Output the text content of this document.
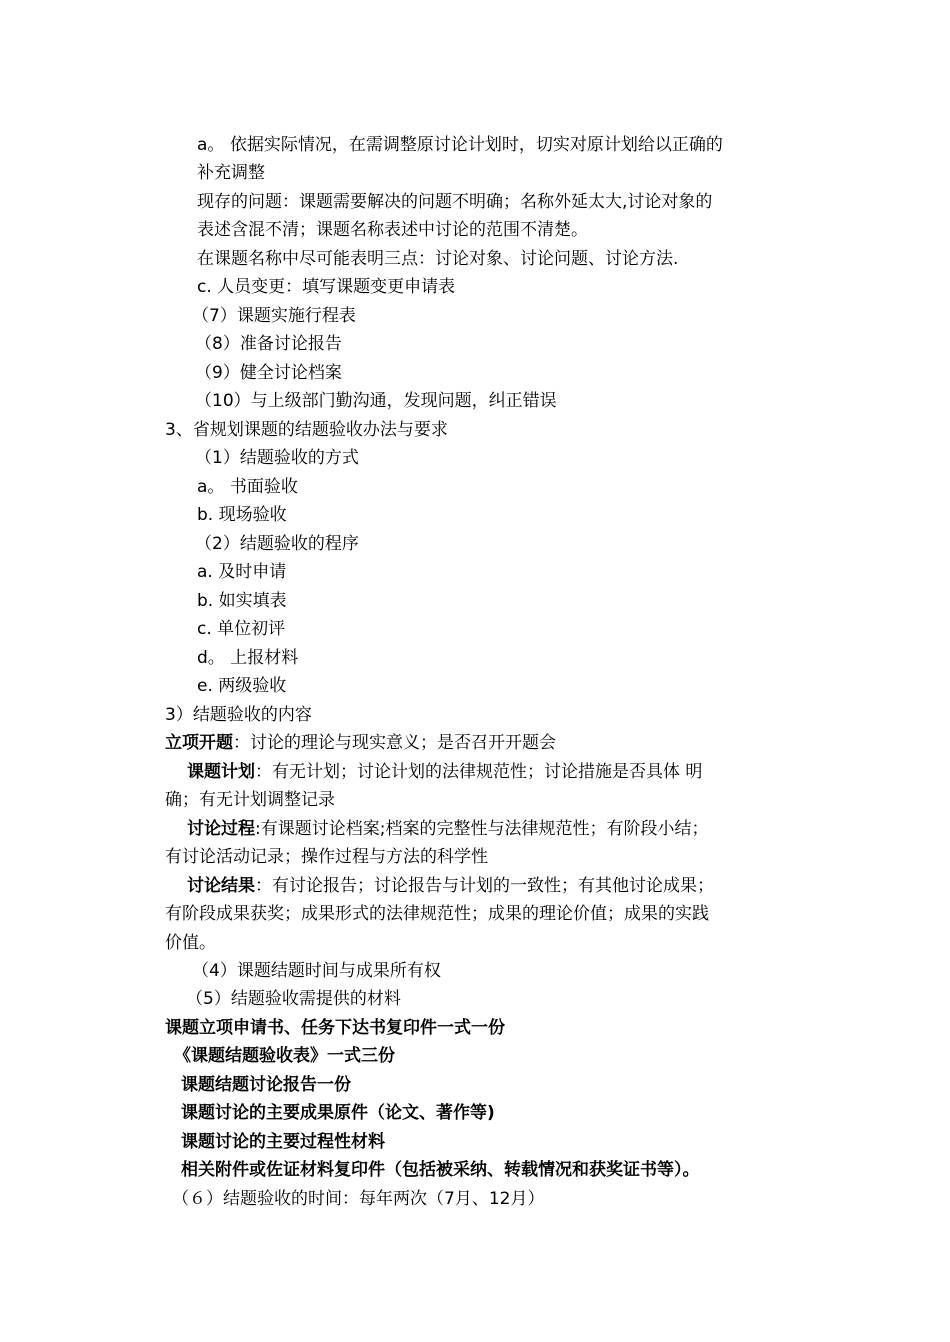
a。 依据实际情况，在需调整原讨论计划时，切实对原计划给以正确的
补充调整
现存的问题：课题需要解决的问题不明确；名称外延太大,讨论对象的
表述含混不清；课题名称表述中讨论的范围不清楚。
在课题名称中尽可能表明三点：讨论对象、讨论问题、讨论方法.
c. 人员变更：填写课题变更申请表
（7）课题实施行程表
（8）准备讨论报告
（9）健全讨论档案
（10）与上级部门勤沟通，发现问题，纠正错误
3、省规划课题的结题验收办法与要求
（1）结题验收的方式
a。 书面验收
b. 现场验收
（2）结题验收的程序
a. 及时申请
b. 如实填表
c. 单位初评
d。 上报材料
e. 两级验收
3）结题验收的内容
立项开题：讨论的理论与现实意义；是否召开开题会
课题计划：有无计划；讨论计划的法律规范性；讨论措施是否具体 明
确；有无计划调整记录
讨论过程:有课题讨论档案;档案的完整性与法律规范性；有阶段小结；
有讨论活动记录；操作过程与方法的科学性
讨论结果：有讨论报告；讨论报告与计划的一致性；有其他讨论成果；
有阶段成果获奖；成果形式的法律规范性；成果的理论价值；成果的实践
价值。
（4）课题结题时间与成果所有权
（5）结题验收需提供的材料
课题立项申请书、任务下达书复印件一式一份
《课题结题验收表》一式三份
课题结题讨论报告一份
课题讨论的主要成果原件（论文、著作等)
课题讨论的主要过程性材料
相关附件或佐证材料复印件（包括被采纳、转载情况和获奖证书等）。
（６）结题验收的时间：每年两次（7月、12月）
